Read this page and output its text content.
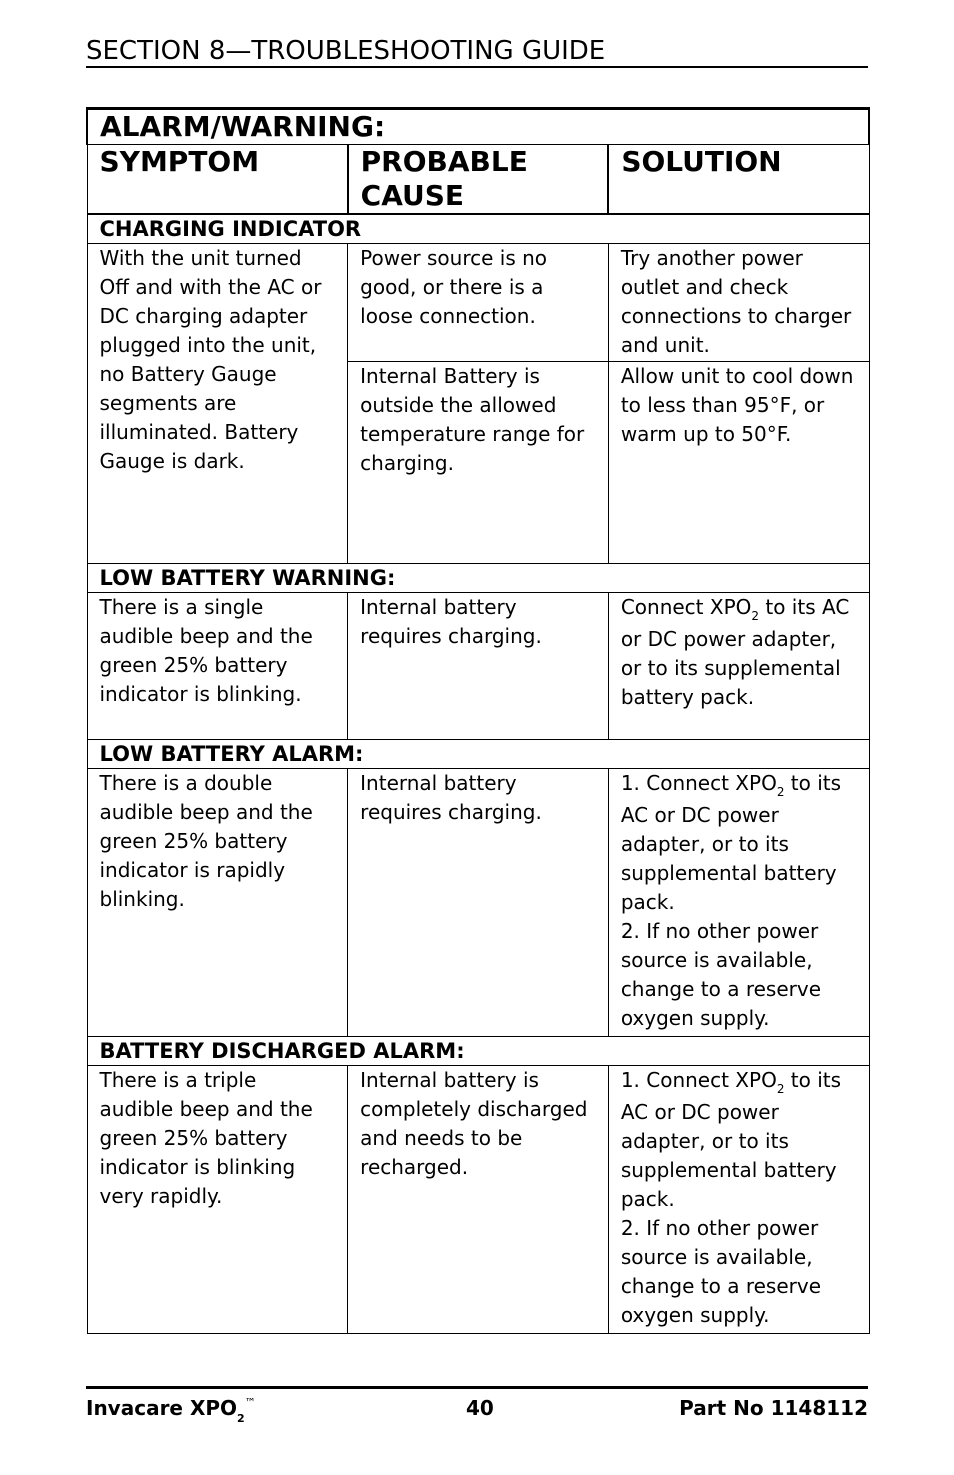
SECTION 8—TROUBLESHOOTING GUIDE
ALARM/WARNING:		
SYMPTOM	PROBABLE CAUSE	SOLUTION
CHARGING INDICATOR		
With the unit turned Off and with the AC or DC charging adapter plugged into the unit, no Battery Gauge segments are illuminated. Battery Gauge is dark.	Power source is no good, or there is a loose connection.	Try another power outlet and check connections to charger and unit.
	Internal Battery is outside the allowed temperature range for charging.	Allow unit to cool down to less than 95°F, or warm up to 50°F.
LOW BATTERY WARNING:		
There is a single audible beep and the green 25% battery indicator is blinking.	Internal battery requires charging.	Connect $XPO_2$ to its AC or DC power adapter, or to its supplemental battery pack.
LOW BATTERY ALARM:		
There is a double audible beep and the green 25% battery indicator is rapidly blinking.	Internal battery requires charging.	1. Connect $XPO_2$ to its AC or DC power adapter, or to its supplemental battery pack.
2. If no other power source is available, change to a reserve oxygen supply.
BATTERY DISCHARGED ALARM:		
There is a triple audible beep and the green 25% battery indicator is blinking very rapidly.	Internal battery is completely discharged and needs to be recharged.	1. Connect $XPO_2$ to its AC or DC power adapter, or to its supplemental battery pack.
2. If no other power source is available, change to a reserve oxygen supply.
Invacare $XPO_2™$	40	Part No 1148112
